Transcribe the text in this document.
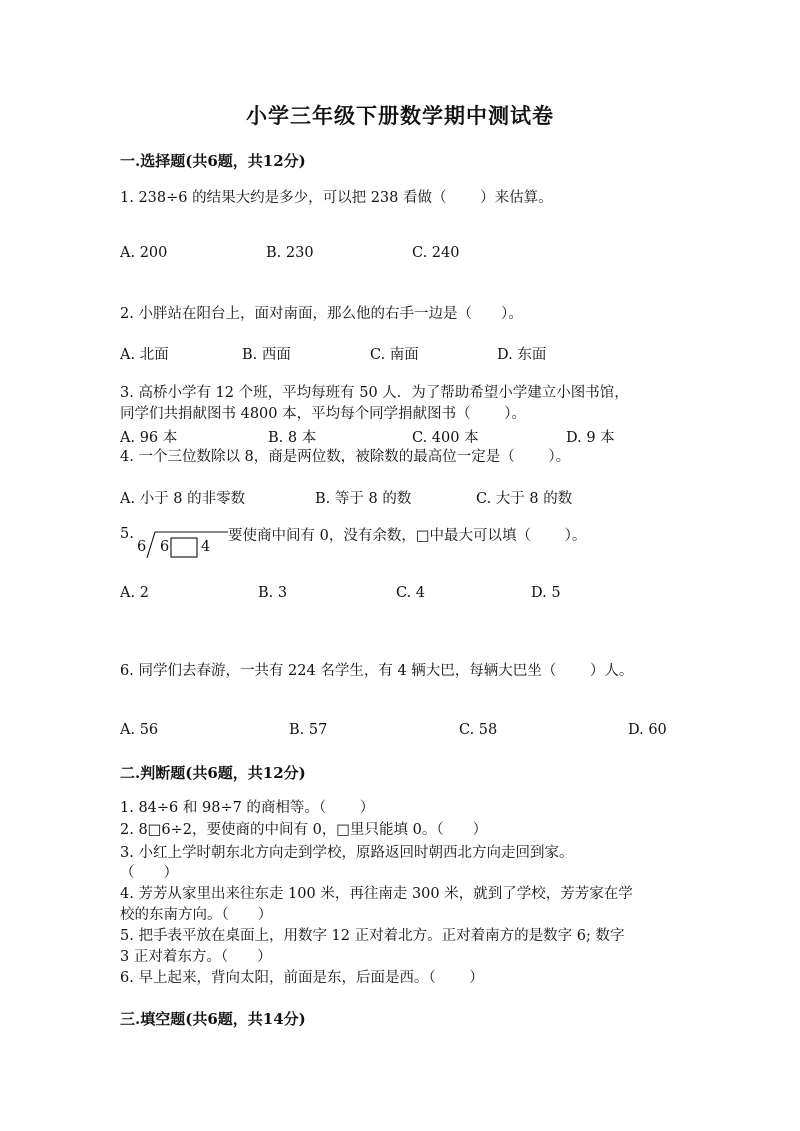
小学三年级下册数学期中测试卷
一.选择题(共6题，共12分)
1. 238÷6 的结果大约是多少，可以把 238 看做（　　 ）来估算。
A. 200	B. 230	C. 240
2. 小胖站在阳台上，面对南面，那么他的右手一边是（　　）。
A. 北面	B. 西面	C. 南面	D. 东面
3. 高桥小学有 12 个班，平均每班有 50 人．为了帮助希望小学建立小图书馆，
同学们共捐献图书 4800 本，平均每个同学捐献图书（　　 ）。
A. 96 本	B. 8 本	C. 400 本	D. 9 本
4. 一个三位数除以 8，商是两位数，被除数的最高位一定是（　　 ）。
A. 小于 8 的非零数	B. 等于 8 的数	C. 大于 8 的数
5.
6 6 4
要使商中间有 0，没有余数，□中最大可以填（　　 ）。
A. 2	B. 3	C. 4	D. 5
6. 同学们去春游，一共有 224 名学生，有 4 辆大巴，每辆大巴坐（　　 ）人。
A. 56	B. 57	C. 58	D. 60
二.判断题(共6题，共12分)
1. 84÷6 和 98÷7 的商相等。（　　 ）
2. 8□6÷2，要使商的中间有 0，□里只能填 0。（　　）
3. 小红上学时朝东北方向走到学校，原路返回时朝西北方向走回到家。
（　　）
4. 芳芳从家里出来往东走 100 米，再往南走 300 米，就到了学校，芳芳家在学
校的东南方向。（　　）
5. 把手表平放在桌面上，用数字 12 正对着北方。正对着南方的是数字 6; 数字
3 正对着东方。（　　）
6. 早上起来，背向太阳，前面是东，后面是西。（　　 ）
三.填空题(共6题，共14分)
